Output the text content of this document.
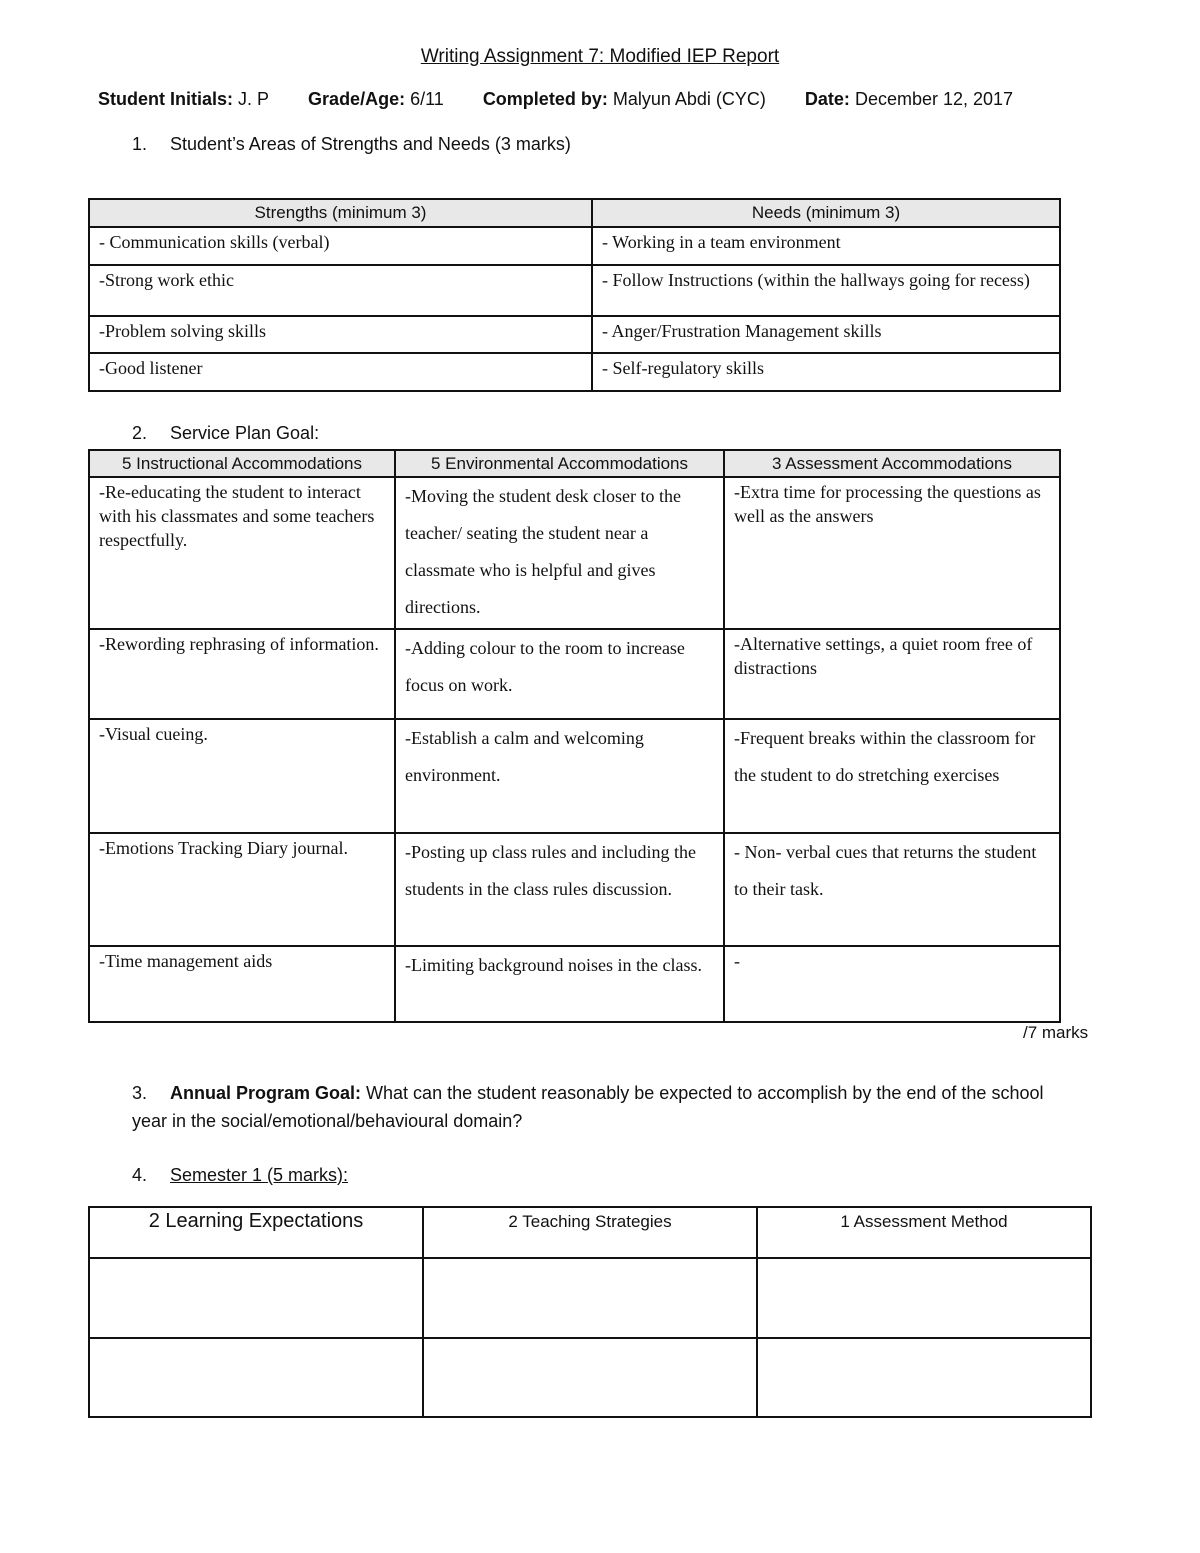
Writing Assignment 7: Modified IEP Report
Student Initials: J. P Grade/Age: 6/11 Completed by: Malyun Abdi (CYC) Date: December 12, 2017
1. Student’s Areas of Strengths and Needs (3 marks)
Strengths (minimum 3)	Needs (minimum 3)
- Communication skills (verbal)	- Working in a team environment
-Strong work ethic	- Follow Instructions (within the hallways going for recess)
-Problem solving skills	- Anger/Frustration Management skills
-Good listener	- Self-regulatory skills
2. Service Plan Goal:
5 Instructional Accommodations	5 Environmental Accommodations	3 Assessment Accommodations
-Re-educating the student to interact with his classmates and some teachers respectfully.	-Moving the student desk closer to the teacher/ seating the student near a classmate who is helpful and gives directions.	-Extra time for processing the questions as well as the answers
-Rewording rephrasing of information.	-Adding colour to the room to increase focus on work.	-Alternative settings, a quiet room free of distractions
-Visual cueing.	-Establish a calm and welcoming environment.	-Frequent breaks within the classroom for the student to do stretching exercises
-Emotions Tracking Diary journal.	-Posting up class rules and including the students in the class rules discussion.	- Non- verbal cues that returns the student to their task.
-Time management aids	-Limiting background noises in the class.	-
/7 marks
3. Annual Program Goal: What can the student reasonably be expected to accomplish by the end of the school year in the social/emotional/behavioural domain?
4. Semester 1 (5 marks):
2 Learning Expectations	2 Teaching Strategies	1 Assessment Method
